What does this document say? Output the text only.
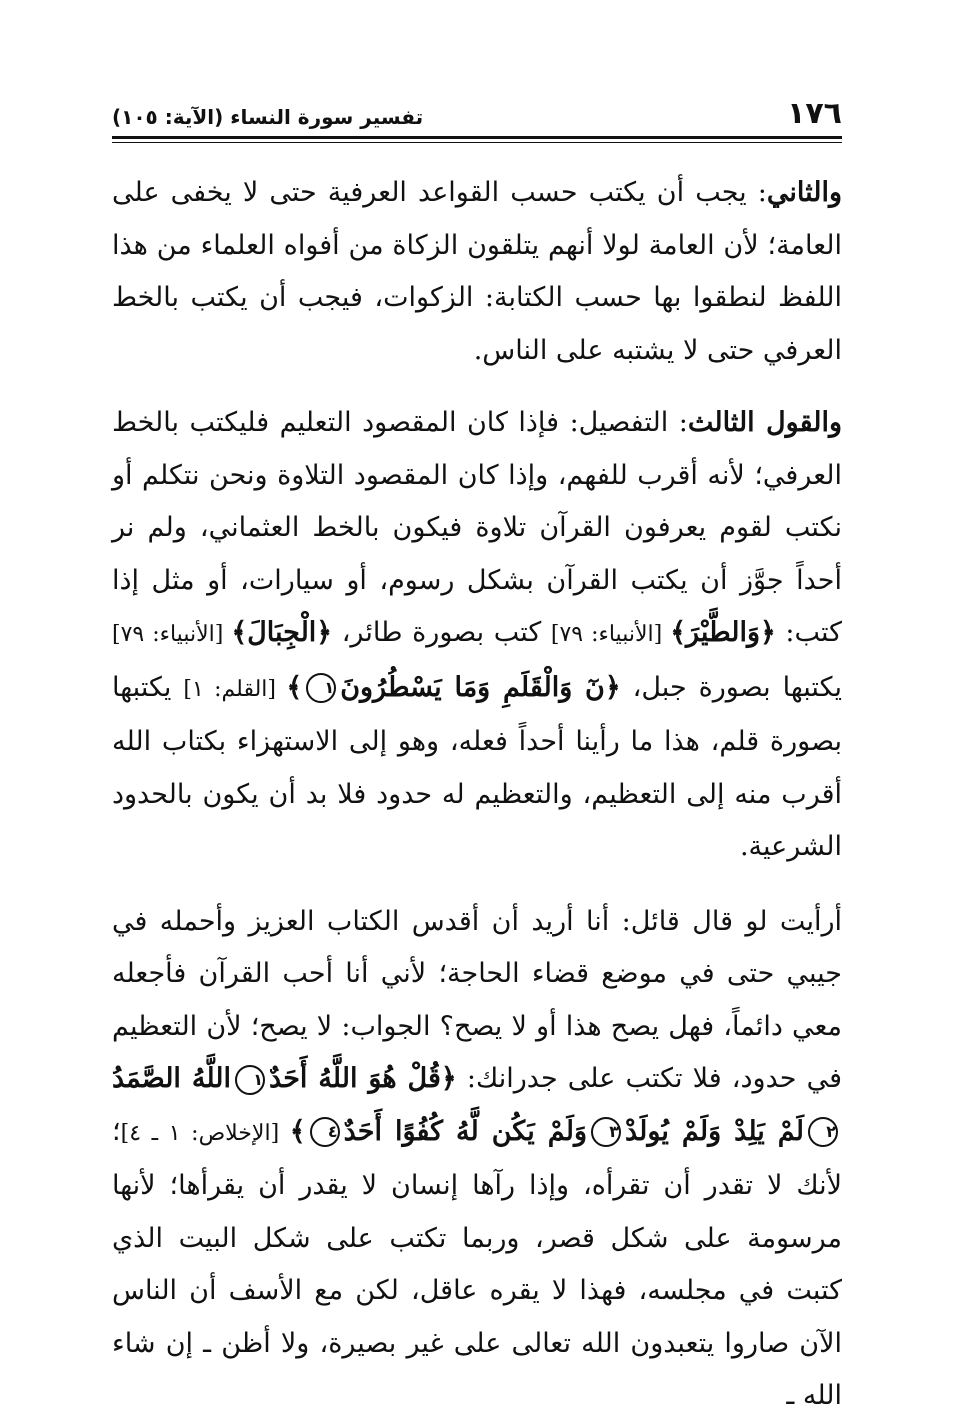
١٧٦
تفسير سورة النساء (الآية: ١٠٥)

والثاني: يجب أن يكتب حسب القواعد العرفية حتى لا يخفى على العامة؛ لأن العامة لولا أنهم يتلقون الزكاة من أفواه العلماء من هذا اللفظ لنطقوا بها حسب الكتابة: الزكوات، فيجب أن يكتب بالخط العرفي حتى لا يشتبه على الناس.

والقول الثالث: التفصيل: فإذا كان المقصود التعليم فليكتب بالخط العرفي؛ لأنه أقرب للفهم، وإذا كان المقصود التلاوة ونحن نتكلم أو نكتب لقوم يعرفون القرآن تلاوة فيكون بالخط العثماني، ولم نر أحداً جوَّز أن يكتب القرآن بشكل رسوم، أو سيارات، أو مثل إذا كتب: ﴿وَالطَّيْرَ﴾ [الأنبياء: ٧٩] كتب بصورة طائر، ﴿الْجِبَالَ﴾ [الأنبياء: ٧٩] يكتبها بصورة جبل، ﴿نٓ وَالْقَلَمِ وَمَا يَسْطُرُونَ١﴾ [القلم: ١] يكتبها بصورة قلم، هذا ما رأينا أحداً فعله، وهو إلى الاستهزاء بكتاب الله أقرب منه إلى التعظيم، والتعظيم له حدود فلا بد أن يكون بالحدود الشرعية.

أرأيت لو قال قائل: أنا أريد أن أقدس الكتاب العزيز وأحمله في جيبي حتى في موضع قضاء الحاجة؛ لأني أنا أحب القرآن فأجعله معي دائماً، فهل يصح هذا أو لا يصح؟ الجواب: لا يصح؛ لأن التعظيم في حدود، فلا تكتب على جدرانك: ﴿قُلْ هُوَ اللَّهُ أَحَدٌ١اللَّهُ الصَّمَدُ٢لَمْ يَلِدْ وَلَمْ يُولَدْ٣وَلَمْ يَكُن لَّهُ كُفُوًا أَحَدٌ٤﴾ [الإخلاص: ١ ـ ٤]؛ لأنك لا تقدر أن تقرأه، وإذا رآها إنسان لا يقدر أن يقرأها؛ لأنها مرسومة على شكل قصر، وربما تكتب على شكل البيت الذي كتبت في مجلسه، فهذا لا يقره عاقل، لكن مع الأسف أن الناس الآن صاروا يتعبدون الله تعالى على غير بصيرة، ولا أظن ـ إن شاء الله ـ
